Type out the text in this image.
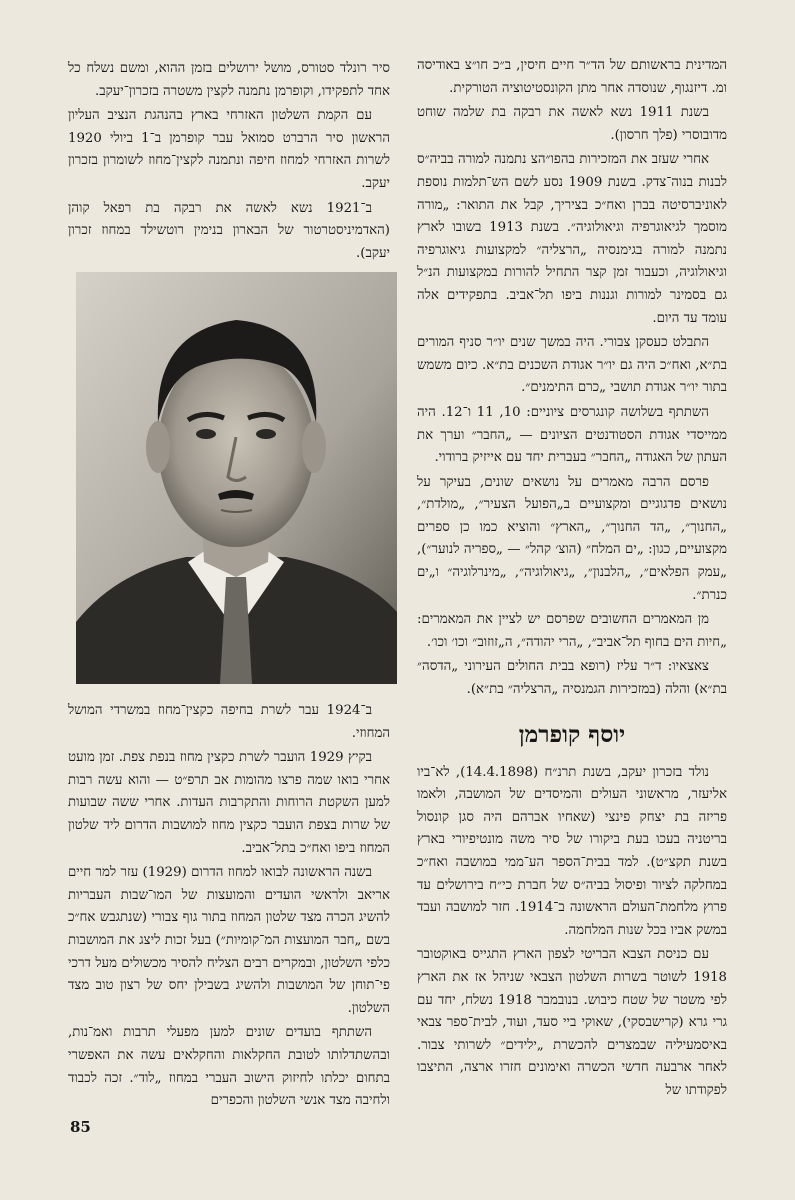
המדינית בראשותם של הד״ר חיים חיסין, ב״כ חו״צ באודיסה ומ. דיזנגוף, שנוסדה אחר מתן הקונסטיטוציה הטורקית.

בשנת 1911 נשא לאשה את רבקה בת שלמה שוחט מדובוסרי (פלך חרסון).

אחרי שעזב את המזכירות בהפו״הצ נתמנה למורה בביה״ס לבנות בנוה־צדק. בשנת 1909 נסע לשם הש־תלמות נוספת לאוניברסיטה בברן ואח״כ בציריך, קבל את התואר: „מורה מוסמך לגיאוגרפיה וגיאולוגיה״. בשנת 1913 בשובו לארץ נתמנה למורה בגימנסיה „הרצליה״ למקצועות גיאוגרפיה וגיאולוגיה, וכעבור זמן קצר התחיל להורות במקצועות הנ״ל גם בסמינר למורות וגננות ביפו תל־אביב. בתפקידים אלה עומד עד היום.

התבלט כעסקן צבורי. היה במשך שנים יו״ר סניף המורים בת״א, ואח״כ היה גם יו״ר אגודת השכנים בת״א. כיום משמש בתור יו״ר אגודת תושבי „כרם התימנים״.

השתתף בשלושה קונגרסים ציוניים: 10, 11 ו־12. היה ממייסדי אגודת הסטודנטים הציונים — „החבר״ וערך את העתון של האגודה „החבר״ בעברית יחד עם אייזיק ברודוי.

פרסם הרבה מאמרים על נושאים שונים, בעיקר על נושאים פדגוגיים ומקצועיים ב„הפועל הצעיר״, „מולדת״, „החנוך״, „הד החנוך״, „הארץ״ והוציא כמו כן ספרים מקצועיים, כגון: „ים המלח״ (הוצ׳ קהל״ — „ספריה לנוער״), „עמק הפלאים״, „הלבנון״, „גיאולוגיה״, „מינרלוגיה״ ו„ים כנרת״.

מן המאמרים החשובים שפרסם יש לציין את המאמרים: „חיות הים בחוף תל־אביב״, „הרי יהודה״, ה„זוזוב״ וכו׳ וכו׳.

צאצאיו: ד״ר עליז (רופא בבית החולים העירוני „הדסה״ בת״א) והלה (במזכירות הגמנסיה „הרצליה״ בת״א).

יוסף קופרמן

נולד בזכרון יעקב, בשנת תרנ״ח (14.4.1898), לא־ביו אליעזר, מראשוני העולים והמיסדים של המושבה, ולאמו פריזה בת יצחק פינצי (שאחיו אברהם היה סגן קונסול בריטניה בעכו בעת ביקורו של סיר משה מונטיפיורי בארץ בשנת תקצ״ט). למד בבית־הספר הע־ממי במושבה ואח״כ במחלקה לציור ופיסול בביה״ס של חברת כי״ח בירושלים עד פרוץ מלחמת־העולם הראשונה ב־1914. חזר למושבה ועבד במשק אביו בכל שנות המלחמה.

עם כניסת הצבא הבריטי לצפון הארץ התגייס באוקטובר 1918 לשוטר בשרות השלטון הצבאי שניהל אז את הארץ לפי משטר של שטח כיבוש. בנובמבר 1918 נשלח, יחד עם גרי גרא (קרישבסקי), שאוקי ביי סעד, ועוד, לבית־ספר צבאי באיסמעיליה שבמצרים להכשרת „ילידים״ לשרותי צבור. לאחר ארבעה חדשי הכשרה ואימונים חזרו ארצה, התיצבו לפקודתו של

סיר רונלד סטורס, מושל ירושלים בזמן ההוא, ומשם נשלח כל אחד לתפקידו, וקופרמן נתמנה לקצין משטרה בזכרון־יעקב.

עם הקמת השלטון האזרחי בארץ בהנהגת הנציב העליון הראשון סיר הרברט סמואל עבר קופרמן ב־1 ביולי 1920 לשרות האזרחי למחוז חיפה ונתמנה לקצין־מחוז לשומרון בזכרון יעקב.

ב־1921 נשא לאשה את רבקה בת רפאל קוהן (האדמיניסטרטור של הבארון בנימין רוטשילד במחוז זכרון יעקב).

ב־1924 עבר לשרת בחיפה כקצין־מחוז במשרדי המושל המחוזי.

בקיץ 1929 הועבר לשרת כקצין מחוז בנפת צפת. זמן מועט אחרי בואו שמה פרצו מהומות אב תרפ״ט — והוא עשה רבות למען השקטת הרוחות והתקרבות העדות. אחרי ששה שבועות של שרות בצפת הועבר כקצין מחוז למושבות הדרום ליד שלטון המחוז ביפו ואח״כ בתל־אביב.

בשנה הראשונה לבואו למחוז הדרום (1929) עזר למר חיים אריאב ולראשי הועדים והמועצות של המו־שבות העבריות להשיג הכרה מצד שלטון המחוז בתור גוף צבורי (שנתגבש אח״כ בשם „חבר המועצות המ־קומיות״) בעל זכות ליצג את המושבות כלפי השלטון, ובמקרים רבים הצליח להסיר מכשולים מעל דרכי פי־תוחן של המושבות ולהשיג בשבילן יחס של רצון טוב מצד השלטון.

השתתף בועדים שונים למען מפעלי תרבות ואמ־נות, ובהשתדלותו לטובת החקלאות והחקלאים עשה את האפשרי בתחום יכלתו לחיזוק הישוב העברי במחוז „לוד״. זכה לכבוד ולחיבה מצד אנשי השלטון והכפרים

85
